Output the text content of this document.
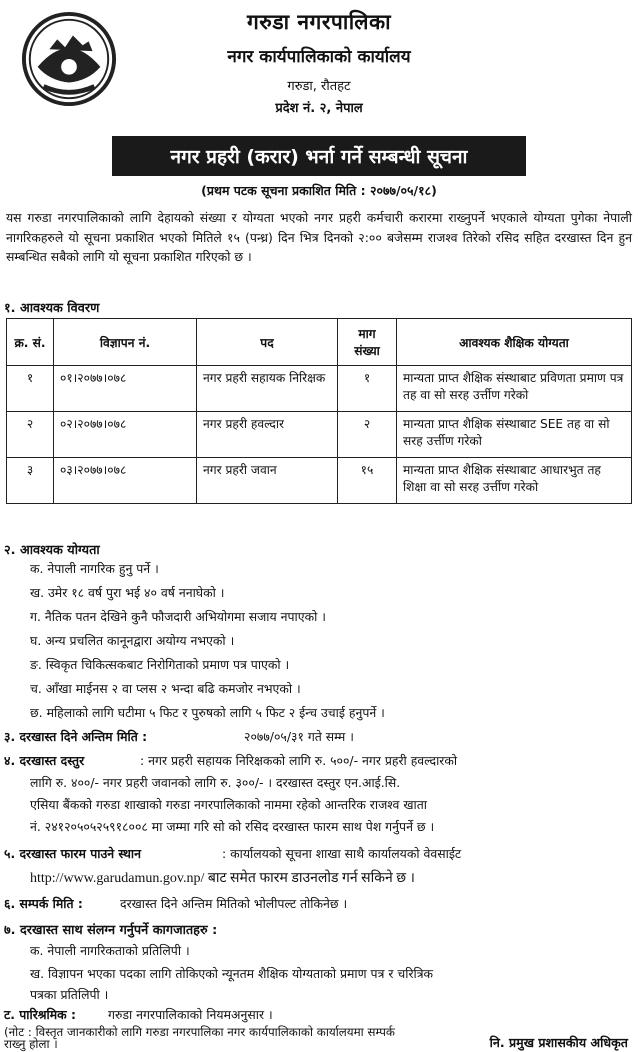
गरुडा नगरपालिका
नगर कार्यपालिकाको कार्यालय
गरुडा, रौतहट
प्रदेश नं. २, नेपाल
नगर प्रहरी (करार) भर्ना गर्ने सम्बन्धी सूचना
(प्रथम पटक सूचना प्रकाशित मिति : २०७७/०५/१८)
यस गरुडा नगरपालिकाको लागि देहायको संख्या र योग्यता भएको नगर प्रहरी कर्मचारी करारमा राख्नुपर्ने भएकाले योग्यता पुगेका नेपाली नागरिकहरुले यो सूचना प्रकाशित भएको मितिले १५ (पन्ध्र) दिन भित्र दिनको २:०० बजेसम्म राजश्व तिरेको रसिद सहित दरखास्त दिन हुन सम्बन्धित सबैको लागि यो सूचना प्रकाशित गरिएको छ ।
१. आवश्यक विवरण
क्र. सं.	विज्ञापन नं.	पद	माग संख्या	आवश्यक शैक्षिक योग्यता
१	०१।२०७७।०७८	नगर प्रहरी सहायक निरिक्षक	१	मान्यता प्राप्त शैक्षिक संस्थाबाट प्रविणता प्रमाण पत्र तह वा सो सरह उर्त्तीण गरेको
२	०२।२०७७।०७८	नगर प्रहरी हवल्दार	२	मान्यता प्राप्त शैक्षिक संस्थाबाट SEE तह वा सो सरह उर्त्तीण गरेको
३	०३।२०७७।०७८	नगर प्रहरी जवान	१५	मान्यता प्राप्त शैक्षिक संस्थाबाट आधारभुत तह शिक्षा वा सो सरह उर्त्तीण गरेको
२. आवश्यक योग्यता
क. नेपाली नागरिक हुनु पर्ने ।
ख. उमेर १८ वर्ष पुरा भई ४० वर्ष ननाघेको ।
ग. नैतिक पतन देखिने कुनै फौजदारी अभियोगमा सजाय नपाएको ।
घ. अन्य प्रचलित कानूनद्वारा अयोग्य नभएको ।
ङ. स्विकृत चिकित्सकबाट निरोगिताको प्रमाण पत्र पाएको ।
च. आँखा माईनस २ वा प्लस २ भन्दा बढि कमजोर नभएको ।
छ. महिलाको लागि घटीमा ५ फिट र पुरुषको लागि ५ फिट २ ईन्च उचाई हनुपर्ने ।
३. दरखास्त दिने अन्तिम मिति :	२०७७/०५/३१ गते सम्म ।
४. दरखास्त दस्तुर	: नगर प्रहरी सहायक निरिक्षकको लागि रु. ५००/- नगर प्रहरी हवल्दारको
लागि रु. ४००/- नगर प्रहरी जवानको लागि रु. ३००/- । दरखास्त दस्तुर एन.आई.सि.
एसिया बैंकको गरुडा शाखाको गरुडा नगरपालिकाको नाममा रहेको आन्तरिक राजश्व खाता
नं. २४१२०५०५२५९१८००८ मा जम्मा गरि सो को रसिद दरखास्त फारम साथ पेश गर्नुपर्ने छ ।
५. दरखास्त फारम पाउने स्थान	: कार्यालयको सूचना शाखा साथै कार्यालयको वेवसाईट
http://www.garudamun.gov.np/ बाट समेत फारम डाउनलोड गर्न सकिने छ ।
६. सम्पर्क मिति :	दरखास्त दिने अन्तिम मितिको भोलीपल्ट तोकिनेछ ।
७. दरखास्त साथ संलग्न गर्नुपर्ने कागजातहरु :
क. नेपाली नागरिकताको प्रतिलिपी ।
ख. विज्ञापन भएका पदका लागि तोकिएको न्यूनतम शैक्षिक योग्यताको प्रमाण पत्र र चरित्रिक
पत्रका प्रतिलिपी ।
ट. पारिश्रमिक :	गरुडा नगरपालिकाको नियमअनुसार ।
(नोट : विस्तृत जानकारीको लागि गरुडा नगरपालिका नगर कार्यपालिकाको कार्यालयमा सम्पर्क
राख्नु होला ।	नि. प्रमुख प्रशासकीय अधिकृत
